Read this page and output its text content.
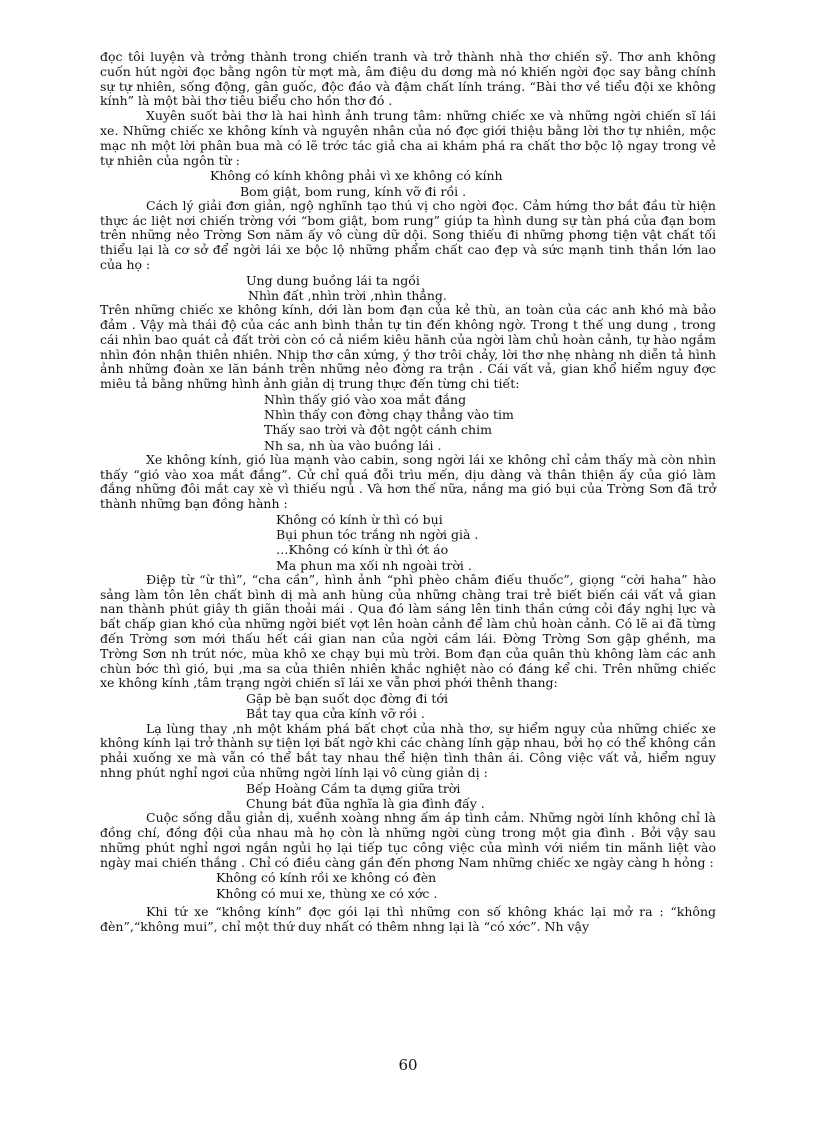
đọc tôi luyện và trởng thành trong chiến tranh và trở thành nhà thơ chiến sỹ. Thơ anh không cuốn hút ngời đọc bằng ngôn từ mợt mà, âm điệu du dơng mà nó khiến ngời đọc say bằng chính sự tự nhiên, sống động, gân guốc, độc đáo và đậm chất lính tráng. “Bài thơ về tiểu đội xe không kính” là một bài thơ tiêu biểu cho hồn thơ đó .

Xuyên suốt bài thơ là hai hình ảnh trung tâm: những chiếc xe và những ngời chiến sĩ lái xe. Những chiếc xe không kính và nguyên nhân của nó đợc giới thiệu bằng lời thơ tự nhiên, mộc mạc nh một lời phân bua mà có lẽ trớc tác giả cha ai khám phá ra chất thơ bộc lộ ngay trong vẻ tự nhiên của ngôn từ :

Không có kính không phải vì xe không có kính
Bom giật, bom rung, kính vỡ đi rồi .

Cách lý giải đơn giản, ngộ nghĩnh tạo thú vị cho ngời đọc. Cảm hứng thơ bắt đầu từ hiện thực ác liệt nơi chiến trờng với “bom giật, bom rung” giúp ta hình dung sự tàn phá của đạn bom trên những nẻo Trờng Sơn năm ấy vô cùng dữ dội. Song thiếu đi những phơng tiện vật chất tối thiểu lại là cơ sở để ngời lái xe bộc lộ những phẩm chất cao đẹp và sức mạnh tinh thần lớn lao của họ :

Ung dung buồng lái ta ngồi
Nhìn đất ,nhìn trời ,nhìn thẳng.

Trên những chiếc xe không kính, dới làn bom đạn của kẻ thù, an toàn của các anh khó mà bảo đảm . Vậy mà thái độ của các anh bình thản tự tin đến không ngờ. Trong t thế ung dung , trong cái nhìn bao quát cả đất trời còn có cả niềm kiêu hãnh của ngời làm chủ hoàn cảnh, tự hào ngắm nhìn đón nhận thiên nhiên. Nhịp thơ cân xứng, ý thơ trôi chảy, lời thơ nhẹ nhàng nh diễn tả hình ảnh những đoàn xe lăn bánh trên những nẻo đờng ra trận . Cái vất vả, gian khổ hiểm nguy đợc miêu tả bằng những hình ảnh giản dị trung thực đến từng chi tiết:

Nhìn thấy gió vào xoa mắt đắng
Nhìn thấy con đờng chạy thẳng vào tim
Thấy sao trời và đột ngột cánh chim
Nh sa, nh ùa vào buồng lái .

Xe không kính, gió lùa mạnh vào cabin, song ngời lái xe không chỉ cảm thấy mà còn nhìn thấy “gió vào xoa mắt đắng”. Cử chỉ quá đỗi trìu mến, dịu dàng và thân thiện ấy của gió làm đắng những đôi mắt cay xè vì thiếu ngủ . Và hơn thế nữa, nắng ma gió bụi của Trờng Sơn đã trở thành những bạn đồng hành :

Không có kính ừ thì có bụi
Bụi phun tóc trắng nh ngời già .
…Không có kính ừ thì ớt áo
Ma phun ma xối nh ngoài trời .

Điệp từ “ừ thì”, “cha cần”, hình ảnh “phì phèo châm điếu thuốc”, giọng “cời haha” hào sảng làm tôn lên chất bình dị mà anh hùng của những chàng trai trẻ biết biến cái vất vả gian nan thành phút giây th giãn thoải mái . Qua đó làm sáng lên tinh thần cứng cỏi đầy nghị lực và bất chấp gian khó của những ngời biết vợt lên hoàn cảnh để làm chủ hoàn cảnh. Có lẽ ai đã từng đến Trờng sơn mới thấu hết cái gian nan của ngời cầm lái. Đờng Trờng Sơn gập ghềnh, ma Trờng Sơn nh trút nớc, mùa khô xe chạy bụi mù trời. Bom đạn của quân thù không làm các anh chùn bớc thì gió, bụi ,ma sa của thiên nhiên khắc nghiệt nào có đáng kể chi. Trên những chiếc xe không kính ,tâm trạng ngời chiến sĩ lái xe vẫn phơi phới thênh thang:

Gặp bè bạn suốt dọc đờng đi tới
Bắt tay qua cửa kính vỡ rồi .

Lạ lùng thay ,nh một khám phá bất chợt của nhà thơ, sự hiểm nguy của những chiếc xe không kính lại trở thành sự tiện lợi bất ngờ khi các chàng lính gặp nhau, bởi họ có thể không cần phải xuống xe mà vẫn có thể bắt tay nhau thể hiện tình thân ái. Công việc vất vả, hiểm nguy nhng phút nghỉ ngơi của những ngời lính lại vô cùng giản dị :

Bếp Hoàng Cầm ta dựng giữa trời
Chung bát đũa nghĩa là gia đình đấy .

Cuộc sống dẫu giản dị, xuềnh xoàng nhng ấm áp tình cảm. Những ngời lính không chỉ là đồng chí, đồng đội của nhau mà họ còn là những ngời cùng trong một gia đình . Bởi vậy sau những phút nghỉ ngơi ngắn ngủi họ lại tiếp tục công việc của mình với niềm tin mãnh liệt vào ngày mai chiến thắng . Chỉ có điều càng gần đến phơng Nam những chiếc xe ngày càng h hỏng :

Không có kính rồi xe không có đèn
Không có mui xe, thùng xe có xớc .

Khi tứ xe “không kính” đợc gói lại thì những con số không khác lại mở ra : “không đèn”,“không mui”, chỉ một thứ duy nhất có thêm nhng lại là “có xớc”. Nh vậy

60
